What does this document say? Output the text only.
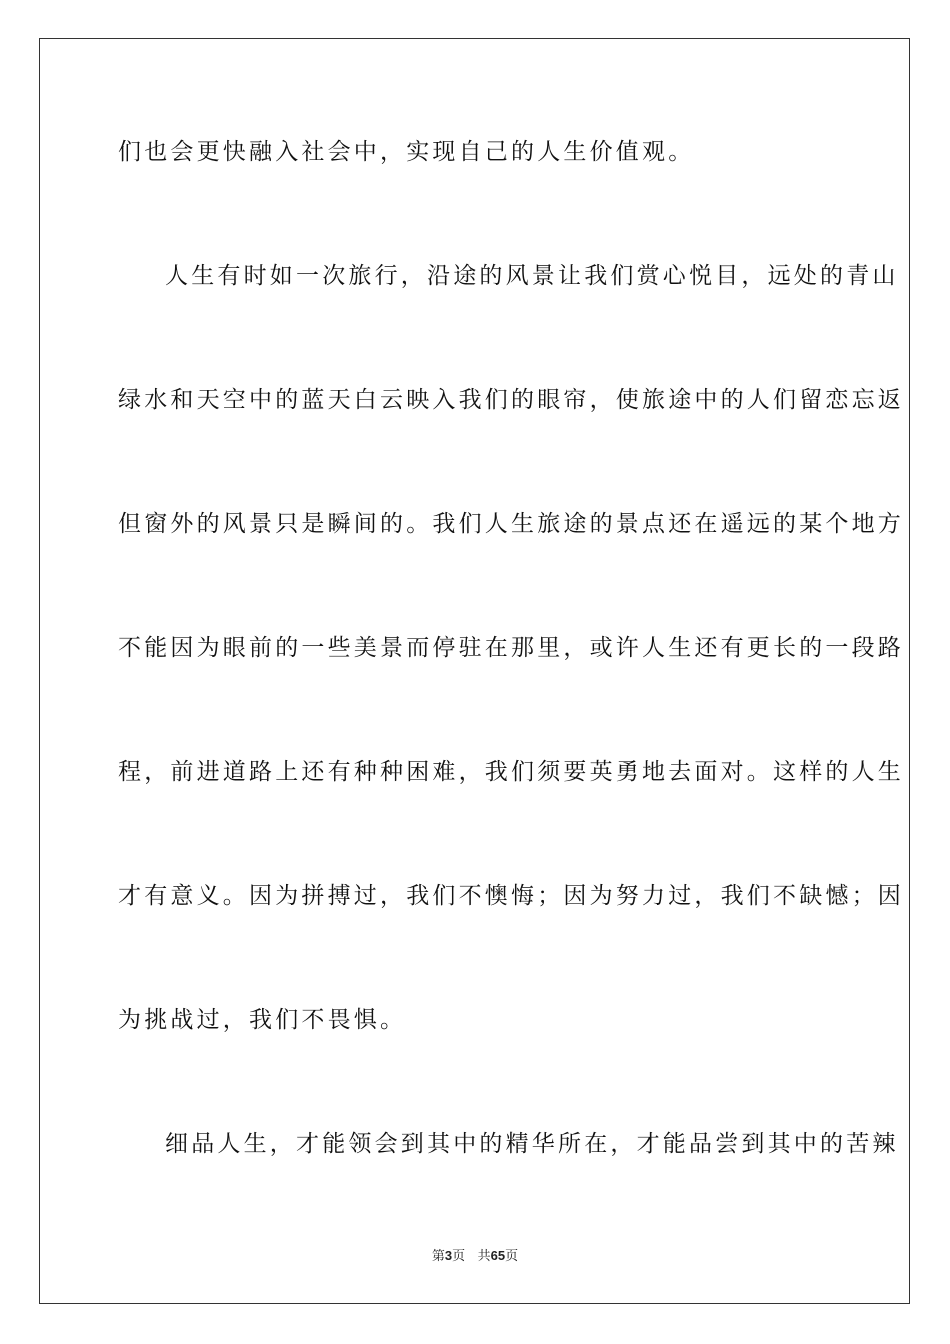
们也会更快融入社会中，实现自己的人生价值观。
人生有时如一次旅行，沿途的风景让我们赏心悦目，远处的青山
绿水和天空中的蓝天白云映入我们的眼帘，使旅途中的人们留恋忘返
但窗外的风景只是瞬间的。我们人生旅途的景点还在遥远的某个地方
不能因为眼前的一些美景而停驻在那里，或许人生还有更长的一段路
程，前进道路上还有种种困难，我们须要英勇地去面对。这样的人生
才有意义。因为拼搏过，我们不懊悔；因为努力过，我们不缺憾；因
为挑战过，我们不畏惧。
细品人生，才能领会到其中的精华所在，才能品尝到其中的苦辣
第3页 共65页
